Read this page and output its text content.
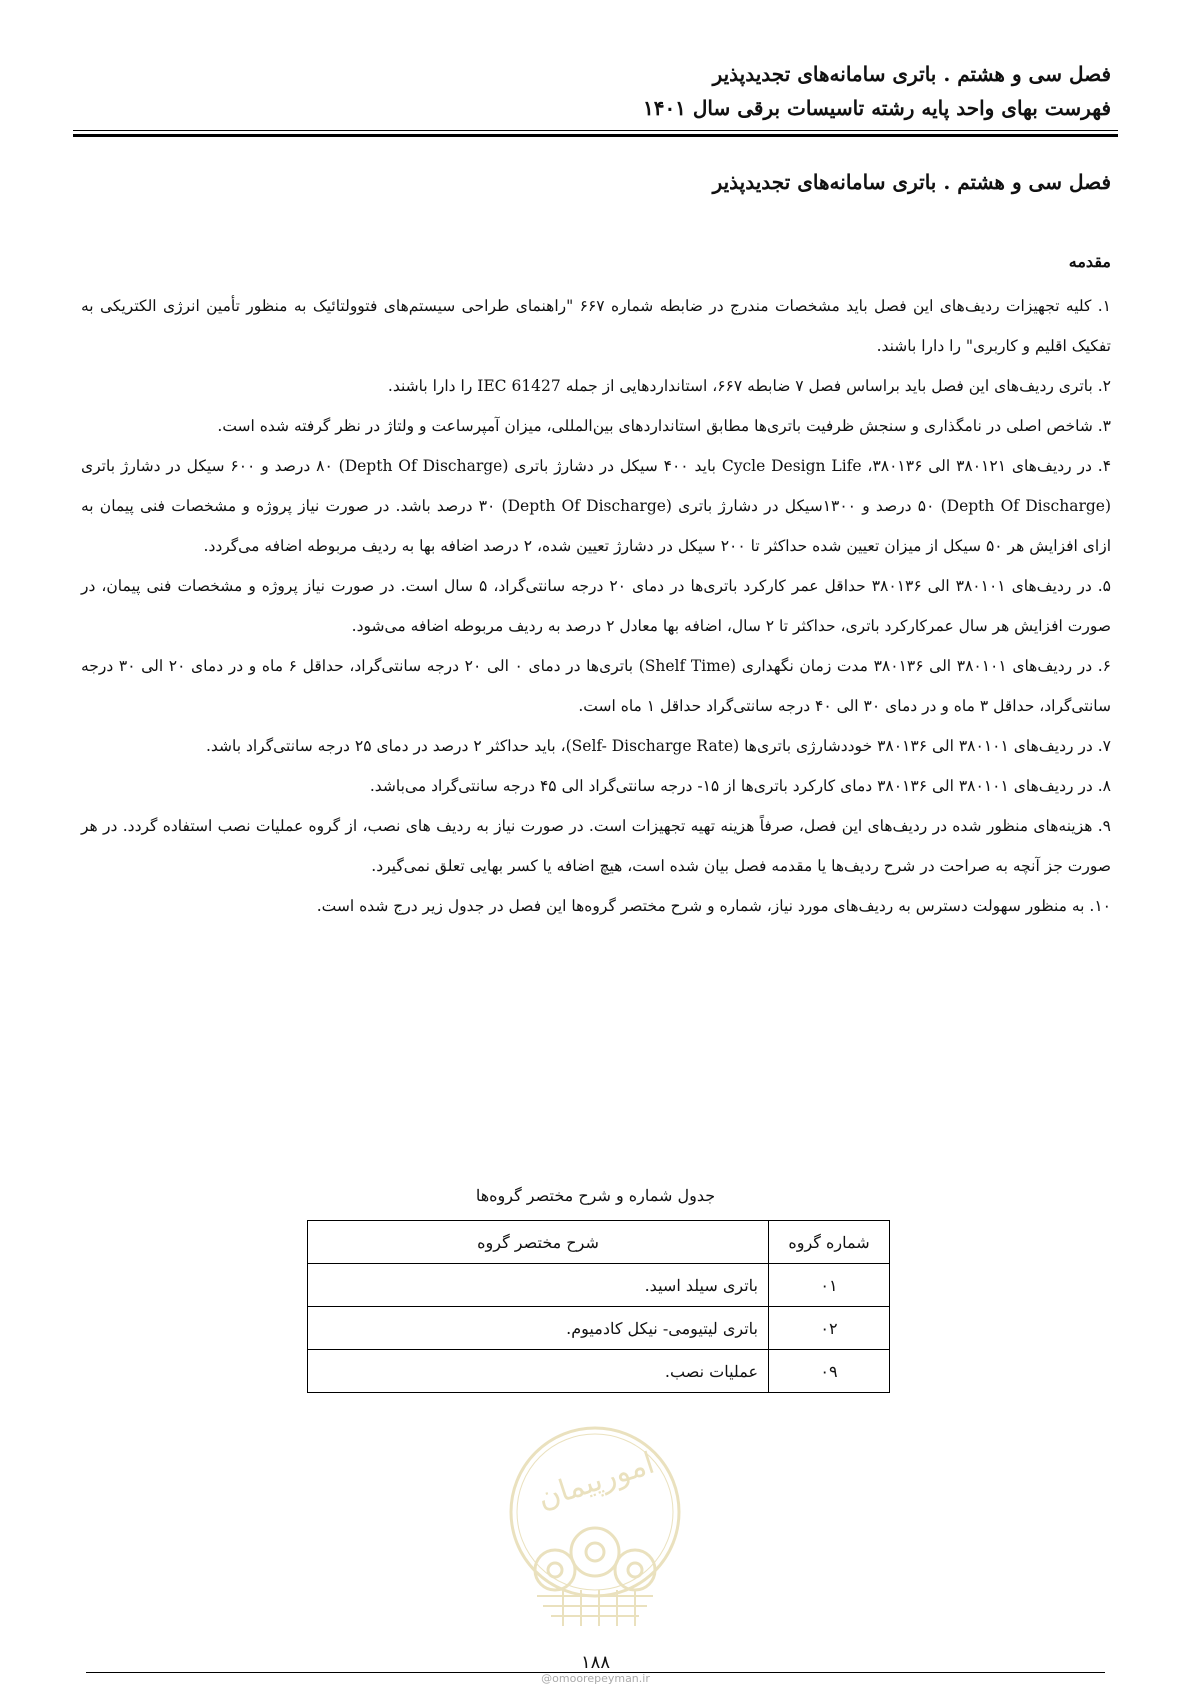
فصل سی و هشتم . باتری سامانه‌های تجدیدپذیر
فهرست بهای واحد پایه رشته تاسیسات برقی سال ۱۴۰۱
فصل سی و هشتم . باتری سامانه‌های تجدیدپذیر
مقدمه

۱. کلیه تجهیزات ردیف‌های این فصل باید مشخصات مندرج در ضابطه شماره ۶۶۷ "راهنمای طراحی سیستم‌های فتوولتائیک به منظور تأمین انرژی الکتریکی به تفکیک اقلیم و کاربری" را دارا باشند.

۲. باتری ردیف‌های این فصل باید براساس فصل ۷ ضابطه ۶۶۷، استانداردهایی از جمله IEC 61427 را دارا باشند.

۳. شاخص اصلی در نامگذاری و سنجش ظرفیت باتری‌ها مطابق استانداردهای بین‌المللی، میزان آمپرساعت و ولتاژ در نظر گرفته شده است.

۴. در ردیف‌های ۳۸۰۱۲۱ الی ۳۸۰۱۳۶، Cycle Design Life باید ۴۰۰ سیکل در دشارژ باتری (Depth Of Discharge) ۸۰ درصد و ۶۰۰ سیکل در دشارژ باتری (Depth Of Discharge) ۵۰ درصد و ۱۳۰۰سیکل در دشارژ باتری (Depth Of Discharge) ۳۰ درصد باشد. در صورت نیاز پروژه و مشخصات فنی پیمان به ازای افزایش هر ۵۰ سیکل از میزان تعیین شده حداکثر تا ۲۰۰ سیکل در دشارژ تعیین شده، ۲ درصد اضافه بها به ردیف مربوطه اضافه می‌گردد.

۵. در ردیف‌های ۳۸۰۱۰۱ الی ۳۸۰۱۳۶ حداقل عمر کارکرد باتری‌ها در دمای ۲۰ درجه سانتی‌گراد، ۵ سال است. در صورت نیاز پروژه و مشخصات فنی پیمان، در صورت افزایش هر سال عمرکارکرد باتری، حداکثر تا ۲ سال، اضافه بها معادل ۲ درصد به ردیف مربوطه اضافه می‌شود.

۶. در ردیف‌های ۳۸۰۱۰۱ الی ۳۸۰۱۳۶ مدت زمان نگهداری (Shelf Time) باتری‌ها در دمای ۰ الی ۲۰ درجه سانتی‌گراد، حداقل ۶ ماه و در دمای ۲۰ الی ۳۰ درجه سانتی‌گراد، حداقل ۳ ماه و در دمای ۳۰ الی ۴۰ درجه سانتی‌گراد حداقل ۱ ماه است.

۷. در ردیف‌های ۳۸۰۱۰۱ الی ۳۸۰۱۳۶ خوددشارژی باتری‌ها (Self- Discharge Rate)، باید حداکثر ۲ درصد در دمای ۲۵ درجه سانتی‌گراد باشد.

۸. در ردیف‌های ۳۸۰۱۰۱ الی ۳۸۰۱۳۶ دمای کارکرد باتری‌ها از ۱۵- درجه سانتی‌گراد الی ۴۵ درجه سانتی‌گراد می‌باشد.

۹. هزینه‌های منظور شده در ردیف‌های این فصل، صرفاً هزینه تهیه تجهیزات است. در صورت نیاز به ردیف های نصب، از گروه عملیات نصب استفاده گردد. در هر صورت جز آنچه به صراحت در شرح ردیف‌ها یا مقدمه فصل بیان شده است، هیچ اضافه یا کسر بهایی تعلق نمی‌گیرد.

۱۰. به منظور سهولت دسترس به ردیف‌های مورد نیاز، شماره و شرح مختصر گروه‌ها این فصل در جدول زیر درج شده است.

جدول شماره و شرح مختصر گروه‌ها
شماره گروه	شرح مختصر گروه
۰۱	باتری سیلد اسید.
۰۲	باتری لیتیومی- نیکل کادمیوم.
۰۹	عملیات نصب.
امورپیمان
۱۸۸
@omoorepeyman.ir
